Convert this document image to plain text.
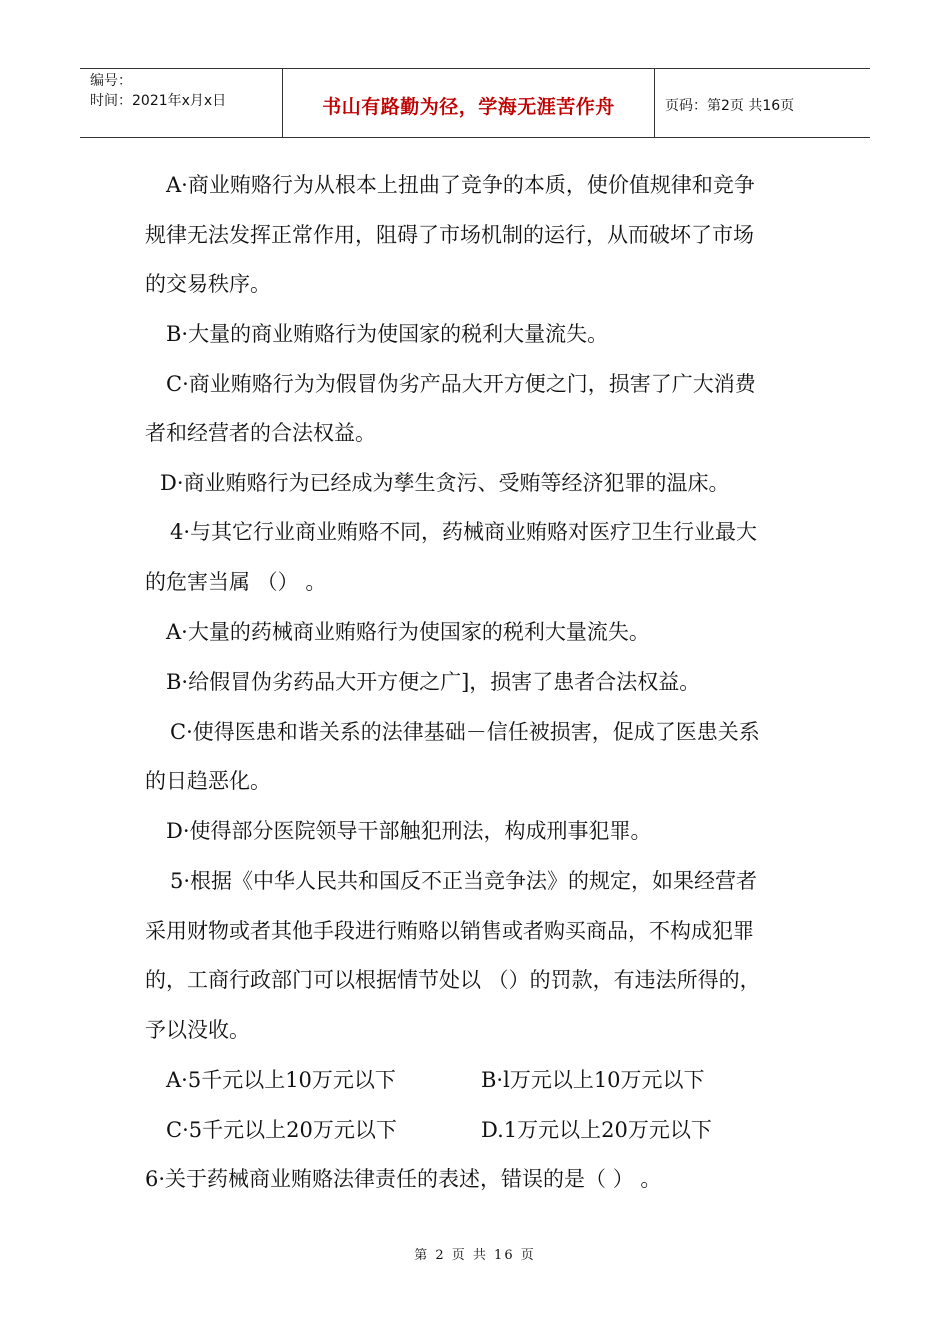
编号：
时间：2021年x月x日	书山有路勤为径，学海无涯苦作舟	页码：第2页 共16页
A·商业贿赂行为从根本上扭曲了竞争的本质，使价值规律和竞争
规律无法发挥正常作用，阻碍了市场机制的运行，从而破坏了市场
的交易秩序。
B·大量的商业贿赂行为使国家的税利大量流失。
C·商业贿赂行为为假冒伪劣产品大开方便之门，损害了广大消费
者和经营者的合法权益。
D·商业贿赂行为已经成为孳生贪污、受贿等经济犯罪的温床。
4·与其它行业商业贿赂不同，药械商业贿赂对医疗卫生行业最大
的危害当属 （） 。
A·大量的药械商业贿赂行为使国家的税利大量流失。
B·给假冒伪劣药品大开方便之广]，损害了患者合法权益。
C·使得医患和谐关系的法律基础－信任被损害，促成了医患关系
的日趋恶化。
D·使得部分医院领导干部触犯刑法，构成刑事犯罪。
5·根据《中华人民共和国反不正当竞争法》的规定，如果经营者
采用财物或者其他手段进行贿赂以销售或者购买商品，不构成犯罪
的，工商行政部门可以根据情节处以 （）的罚款，有违法所得的，
予以没收。
A·5千元以上10万元以下	B·l万元以上10万元以下
C·5千元以上20万元以下	D.1万元以上20万元以下
6·关于药械商业贿赂法律责任的表述，错误的是（ ） 。
第 2 页 共 16 页
